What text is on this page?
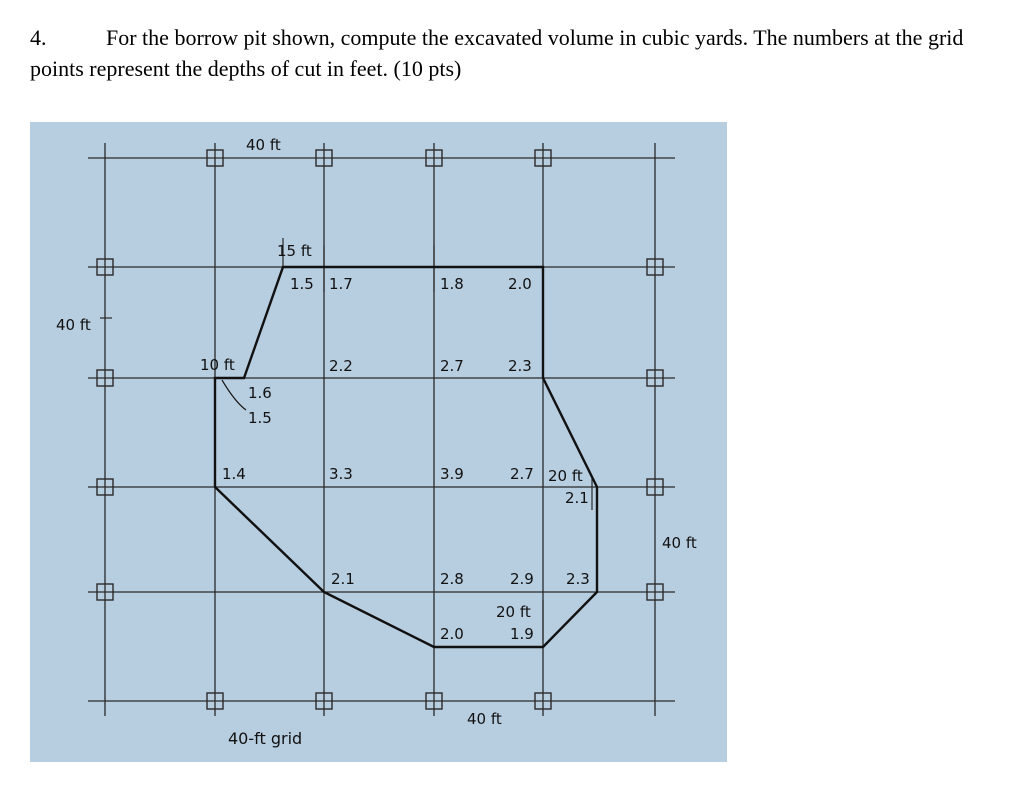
4.	For the borrow pit shown, compute the excavated volume in cubic yards. The numbers at the grid points represent the depths of cut in feet. (10 pts)
40 ft
40 ft
40 ft
40 ft
15 ft
10 ft
20 ft
20 ft
40-ft grid
1.5 1.7	1.8	2.0
2.2	2.7	2.3
1.6
1.5
1.4	3.3	3.9	2.7
2.1
2.1	2.8	2.9 2.3
2.0	1.9
